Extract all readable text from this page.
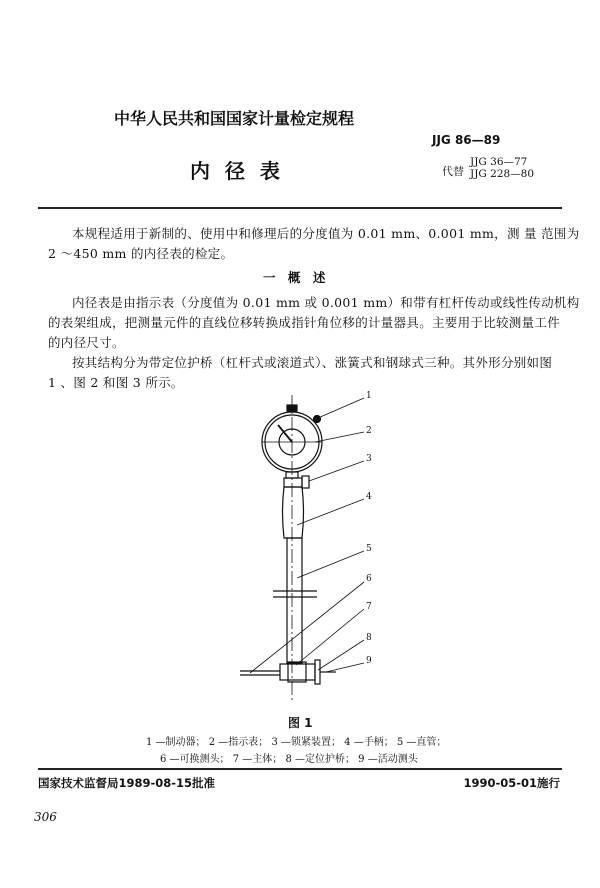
中华人民共和国国家计量检定规程
JJG 86—89
内 径 表	代替
JJG 36—77
JJG 228—80
本规程适用于新制的、使用中和修理后的分度值为 0.01 mm、0.001 mm，测 量 范围为
2 ～450 mm 的内径表的检定。
一 概　述
内径表是由指示表（分度值为 0.01 mm 或 0.001 mm）和带有杠杆传动或线性传动机构
的表架组成，把测量元件的直线位移转换成指针角位移的计量器具。主要用于比较测量工件
的内径尺寸。
按其结构分为带定位护桥（杠杆式或滚道式）、涨簧式和钢球式三种。其外形分别如图
1 、图 2 和图 3 所示。
1
2
3
4
5
6
7
8
9
图 1
1 —制动器； 2 —指示表； 3 —锁紧装置； 4 —手柄； 5 —直管；
6 —可换测头； 7 —主体； 8 —定位护桥； 9 —活动测头
国家技术监督局1989-08-15批准	1990-05-01施行
306
